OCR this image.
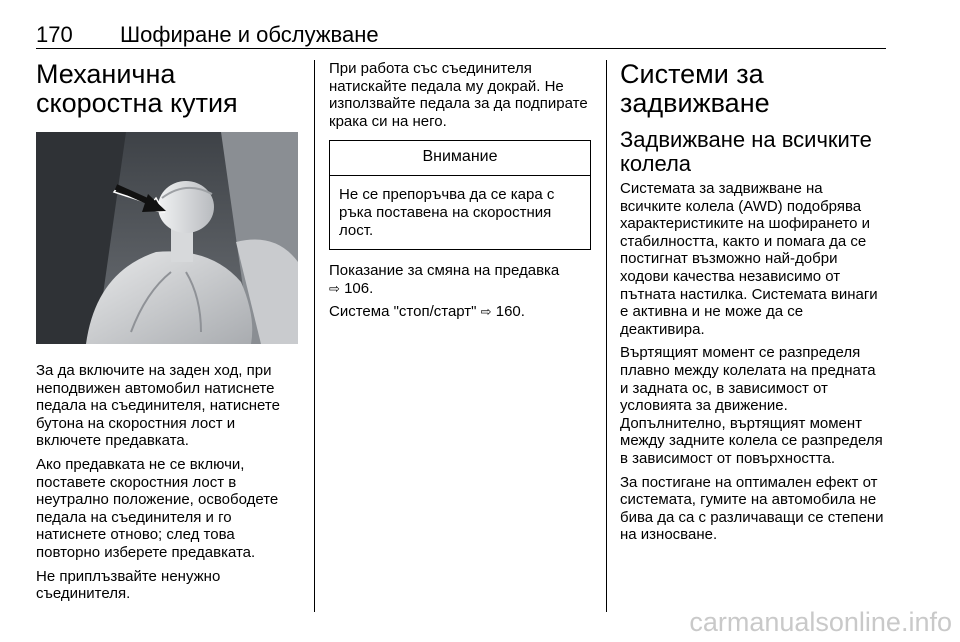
170 Шофиране и обслужване
Механична скоростна кутия

За да включите на заден ход, при неподвижен автомобил натиснете педала на съединителя, натиснете бутона на скоростния лост и включете предавката.

Ако предавката не се включи, поставете скоростния лост в неутрално положение, освободете педала на съединителя и го натиснете отново; след това повторно изберете предавката.

Не приплъзвайте ненужно съединителя.

При работа със съединителя натискайте педала му докрай. Не използвайте педала за да подпирате крака си на него.

Внимание
Не се препоръчва да се кара с ръка поставена на скоростния лост.

Показание за смяна на предавка
⇨ 106.

Система "стоп/старт" ⇨ 160.

Системи за задвижване
Задвижване на всичките колела

Системата за задвижване на всичките колела (AWD) подобрява характеристиките на шофирането и стабилността, както и помага да се постигнат възможно най-добри ходови качества независимо от пътната настилка. Системата винаги е активна и не може да се деактивира.

Въртящият момент се разпределя плавно между колелата на предната и задната ос, в зависимост от условията за движение. Допълнително, въртящият момент между задните колела се разпределя в зависимост от повърхността.

За постигане на оптимален ефект от системата, гумите на автомобила не бива да са с различаващи се степени на износване.

carmanualsonline.info
